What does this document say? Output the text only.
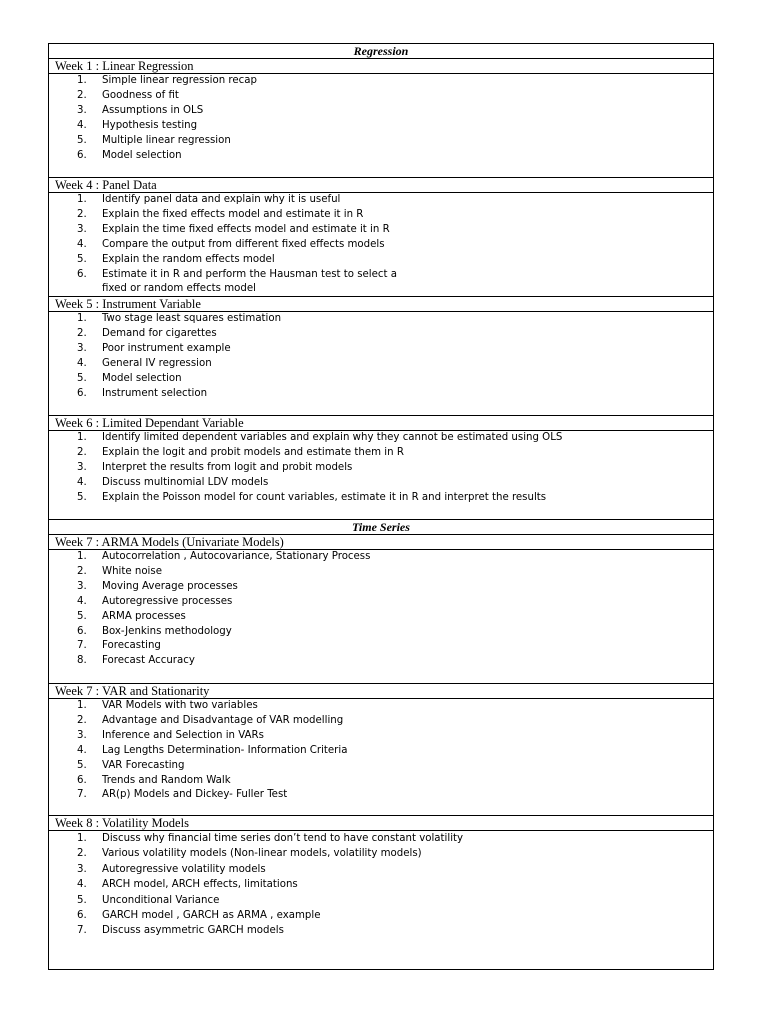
Regression
Week 1 : Linear Regression
1. Simple linear regression recap
2. Goodness of fit
3. Assumptions in OLS
4. Hypothesis testing
5. Multiple linear regression
6. Model selection
Week 4 : Panel Data
1. Identify panel data and explain why it is useful
2. Explain the fixed effects model and estimate it in R
3. Explain the time fixed effects model and estimate it in R
4. Compare the output from different fixed effects models
5. Explain the random effects model
6. Estimate it in R and perform the Hausman test to select a
fixed or random effects model
Week 5 : Instrument Variable
1. Two stage least squares estimation
2. Demand for cigarettes
3. Poor instrument example
4. General IV regression
5. Model selection
6. Instrument selection
Week 6 : Limited Dependant Variable
1. Identify limited dependent variables and explain why they cannot be estimated using OLS
2. Explain the logit and probit models and estimate them in R
3. Interpret the results from logit and probit models
4. Discuss multinomial LDV models
5. Explain the Poisson model for count variables, estimate it in R and interpret the results
Time Series
Week 7 : ARMA Models (Univariate Models)
1. Autocorrelation , Autocovariance, Stationary Process
2. White noise
3. Moving Average processes
4. Autoregressive processes
5. ARMA processes
6. Box-Jenkins methodology
7. Forecasting
8. Forecast Accuracy
Week 7 : VAR and Stationarity
1. VAR Models with two variables
2. Advantage and Disadvantage of VAR modelling
3. Inference and Selection in VARs
4. Lag Lengths Determination- Information Criteria
5. VAR Forecasting
6. Trends and Random Walk
7. AR(p) Models and Dickey- Fuller Test
Week 8 : Volatility Models
1. Discuss why financial time series don’t tend to have constant volatility
2. Various volatility models (Non-linear models, volatility models)
3. Autoregressive volatility models
4. ARCH model, ARCH effects, limitations
5. Unconditional Variance
6. GARCH model , GARCH as ARMA , example
7. Discuss asymmetric GARCH models
